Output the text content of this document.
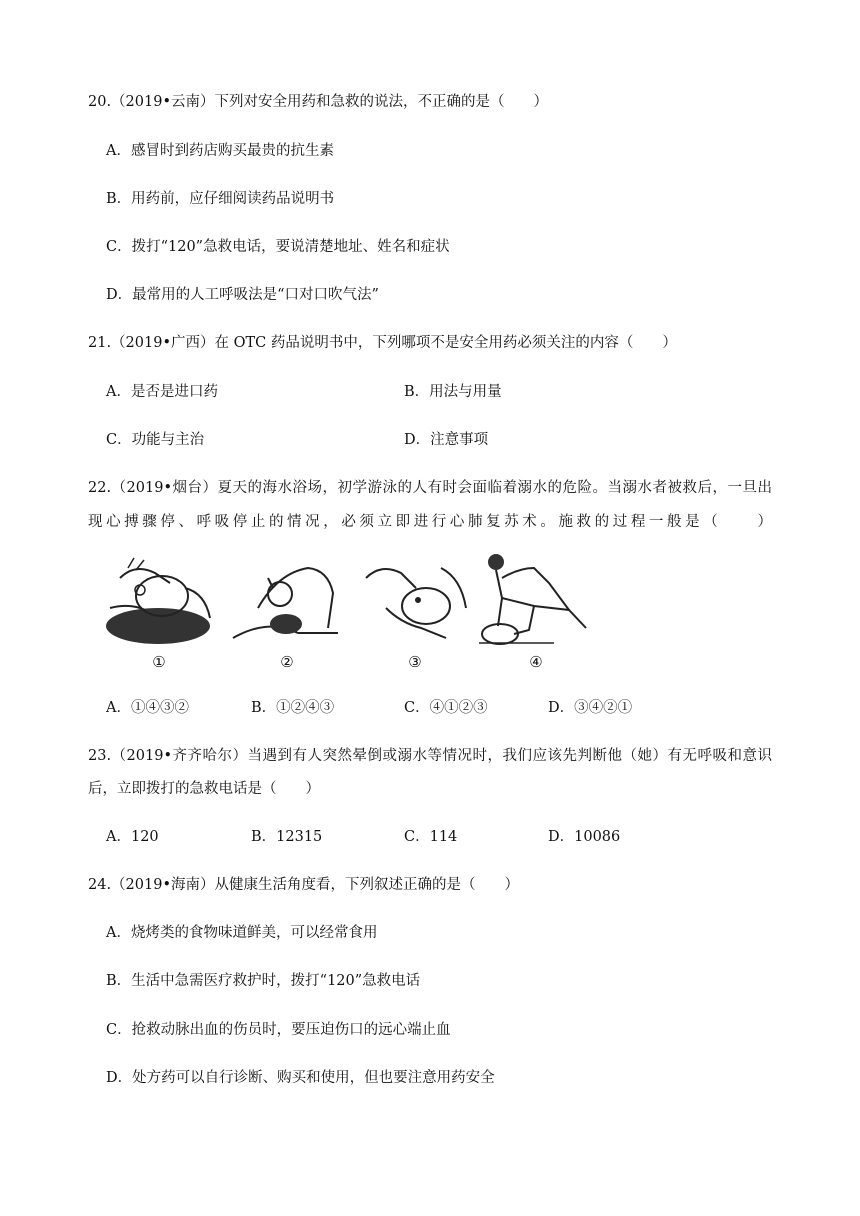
20.（2019•云南）下列对安全用药和急救的说法，不正确的是（　　）
A．感冒时到药店购买最贵的抗生素
B．用药前，应仔细阅读药品说明书
C．拨打“120”急救电话，要说清楚地址、姓名和症状
D．最常用的人工呼吸法是“口对口吹气法”
21.（2019•广西）在 OTC 药品说明书中，下列哪项不是安全用药必须关注的内容（　　）
A．是否是进口药	B．用法与用量
C．功能与主治	D．注意事项
22.（2019•烟台）夏天的海水浴场，初学游泳的人有时会面临着溺水的危险。当溺水者被救后，一旦出
现心搏骤停、呼吸停止的情况，必须立即进行心肺复苏术。施救的过程一般是（　　）
①	②	③	④
A．①④③②	B．①②④③	C．④①②③	D．③④②①
23.（2019•齐齐哈尔）当遇到有人突然晕倒或溺水等情况时，我们应该先判断他（她）有无呼吸和意识
后，立即拨打的急救电话是（　　）
A．120	B．12315	C．114	D．10086
24.（2019•海南）从健康生活角度看，下列叙述正确的是（　　）
A．烧烤类的食物味道鲜美，可以经常食用
B．生活中急需医疗救护时，拨打“120”急救电话
C．抢救动脉出血的伤员时，要压迫伤口的远心端止血
D．处方药可以自行诊断、购买和使用，但也要注意用药安全
